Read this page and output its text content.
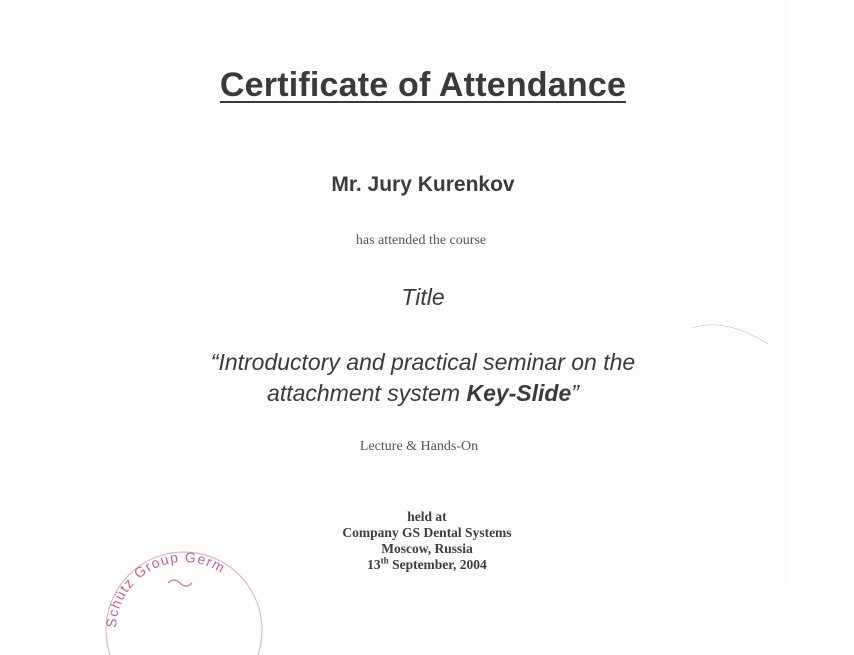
Certificate of Attendance
Mr. Jury Kurenkov
has attended the course
Title
“Introductory and practical seminar on the
attachment system Key-Slide”
Lecture & Hands-On
held at
Company GS Dental Systems
Moscow, Russia
13th September, 2004
Schütz Group Germ
